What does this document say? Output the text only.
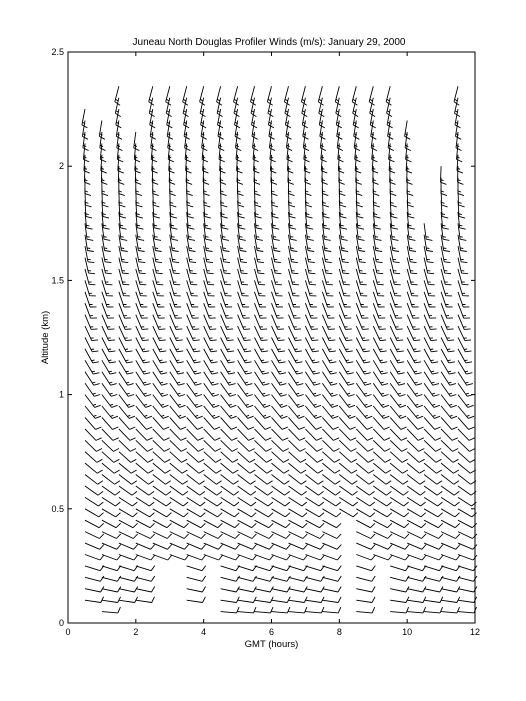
Juneau North Douglas Profiler Winds (m/s): January 29, 2000
0	2	4	6	8	10	12
0
0.5
1
1.5
2
2.5
GMT (hours)
Altitude (km)
